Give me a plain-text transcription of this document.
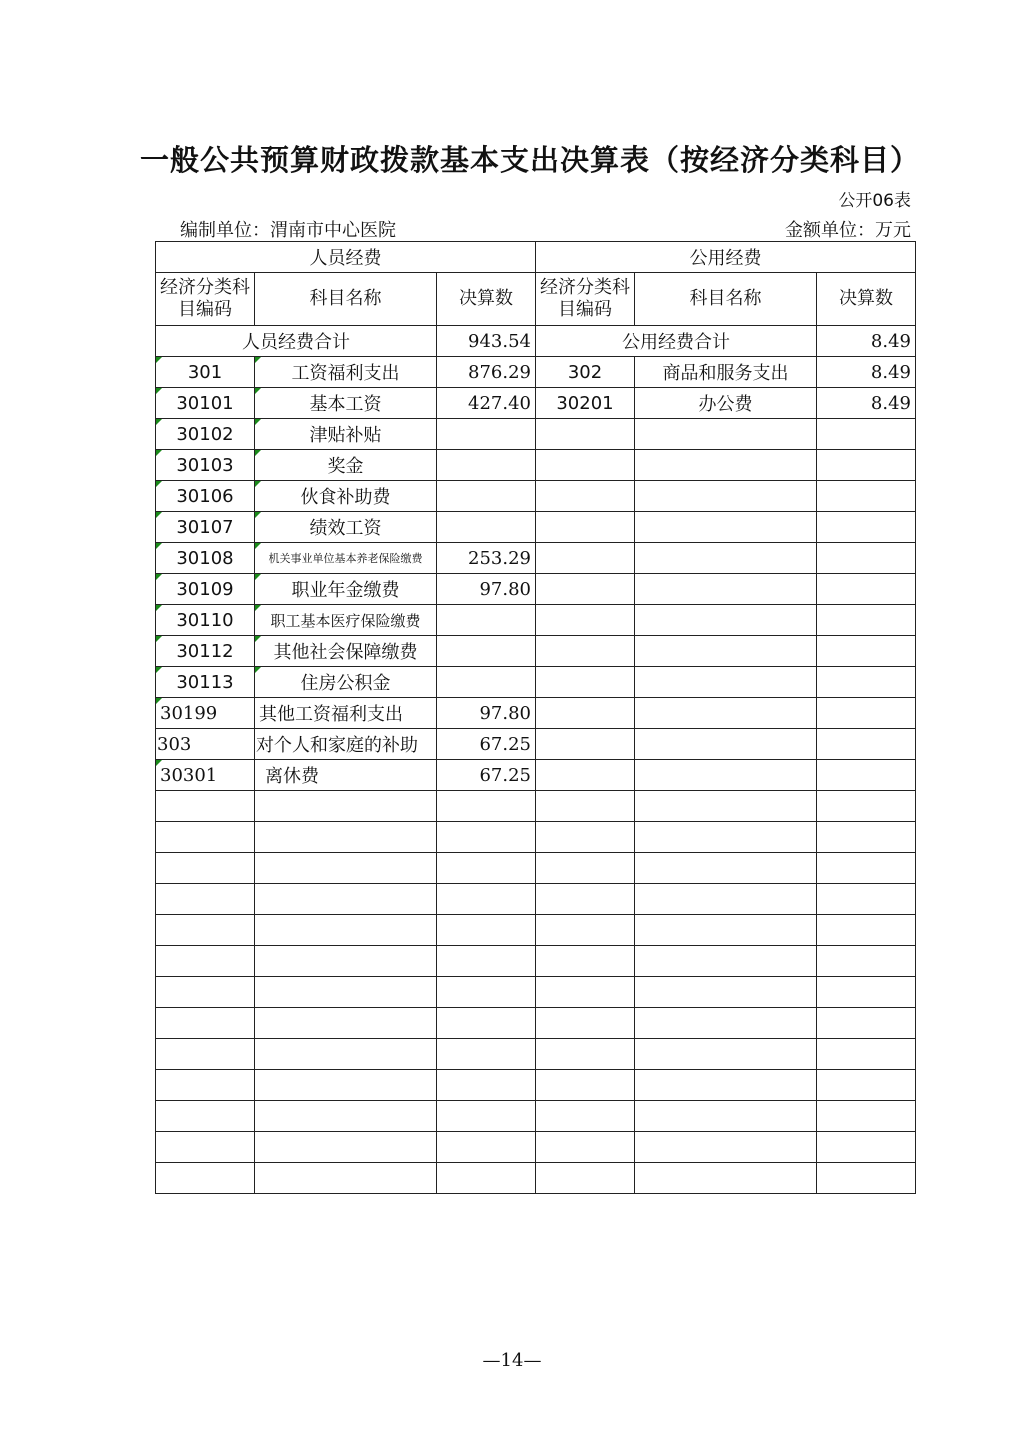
一般公共预算财政拨款基本支出决算表（按经济分类科目）
公开06表
编制单位：渭南市中心医院	金额单位：万元
人员经费			公用经费		
经济分类科目编码	科目名称	决算数	经济分类科目编码	科目名称	决算数
人员经费合计		943.54	公用经费合计		8.49
301	工资福利支出	876.29	302	商品和服务支出	8.49
30101	基本工资	427.40	30201	办公费	8.49
30102	津贴补贴				
30103	奖金				
30106	伙食补助费				
30107	绩效工资				
30108	机关事业单位基本养老保险缴费	253.29			
30109	职业年金缴费	97.80			
30110	职工基本医疗保险缴费				
30112	其他社会保障缴费				
30113	住房公积金				
30199	其他工资福利支出	97.80			
303	对个人和家庭的补助	67.25			
30301	离休费	67.25			

—14—
